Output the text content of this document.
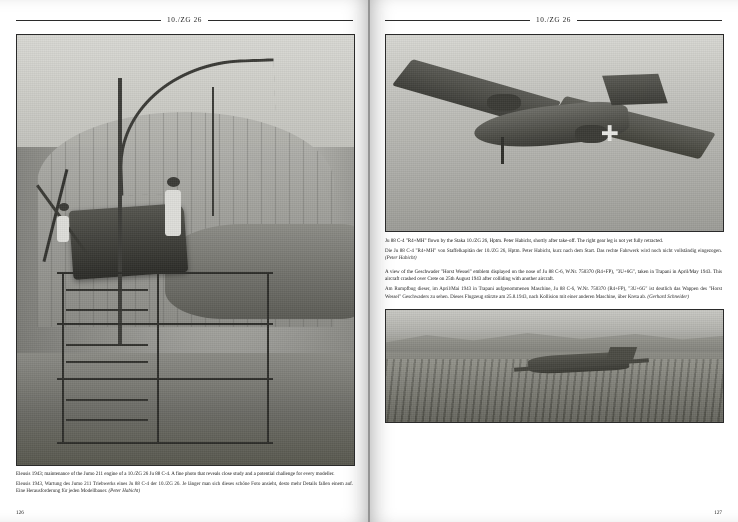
10./ZG 26
Eleusis 1943; maintenance of the Jumo 211 engine of a 10./ZG 26 Ju 88 C-4. A fine photo that reveals close study and a potential challenge for every modeller.
Eleusis 1943, Wartung des Jumo 211 Triebwerks eines Ju 88 C-4 der 10./ZG 26. Je länger man sich dieses schöne Foto ansieht, desto mehr Details fallen einem auf. Eine Herausforderung für jeden Modellbauer. (Peter Habicht)
126
10./ZG 26
Ju 88 C-4 "R4+MH" flown by the Staka 10./ZG 26, Hptm. Peter Habicht, shortly after take-off. The right gear leg is not yet fully retracted.
Die Ju 88 C-4 "R4+MH" von Staffelkapitän der 10./ZG 26, Hptm. Peter Habicht, kurz nach dem Start. Das rechte Fahrwerk wird noch nicht vollständig eingezogen. (Peter Habicht)
A view of the Geschwader "Horst Wessel" emblem displayed on the nose of Ju 88 C-6, W.Nr. 750370 (R4+FP), "3U+6G", taken in Trapani in April/May 1943. This aircraft crashed over Crete on 25th August 1943 after colliding with another aircraft.
Am Rumpfbug dieser, im April/Mai 1943 in Trapani aufgenommenen Maschine, Ju 88 C-6, W.Nr. 750370 (R4+FP), "3U+6G" ist deutlich das Wappen des "Horst Wessel" Geschwaders zu sehen. Dieses Flugzeug stürzte am 25.8.1943, nach Kollision mit einer anderen Maschine, über Kreta ab. (Gerhard Schneider)
127
